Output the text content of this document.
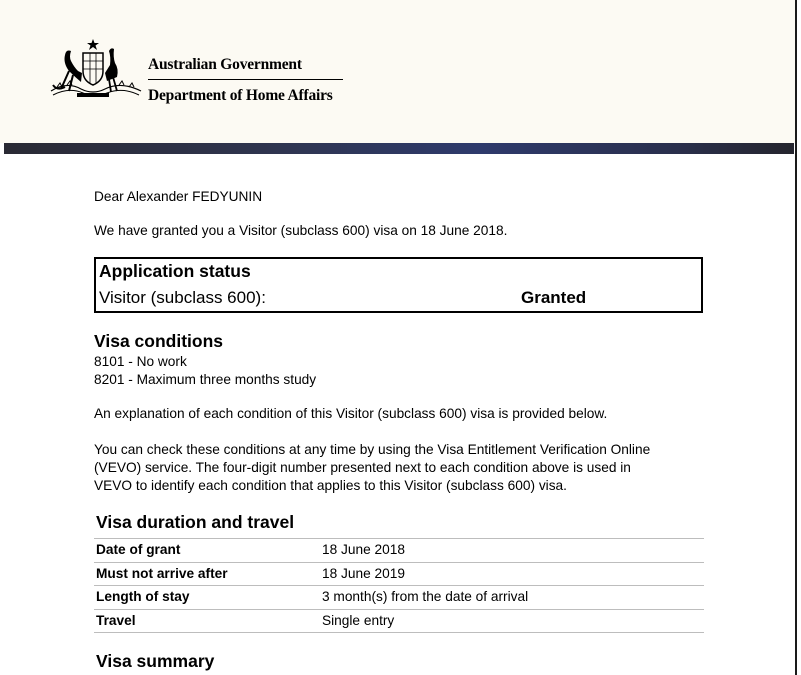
Australian Government
Department of Home Affairs
Dear Alexander FEDYUNIN
We have granted you a Visitor (subclass 600) visa on 18 June 2018.
Application status
Visitor (subclass 600):	Granted
Visa conditions
8101 - No work
8201 - Maximum three months study
An explanation of each condition of this Visitor (subclass 600) visa is provided below.
You can check these conditions at any time by using the Visa Entitlement Verification Online
(VEVO) service. The four-digit number presented next to each condition above is used in
VEVO to identify each condition that applies to this Visitor (subclass 600) visa.
Visa duration and travel
Date of grant	18 June 2018
Must not arrive after	18 June 2019
Length of stay	3 month(s) from the date of arrival
Travel	Single entry
Visa summary
